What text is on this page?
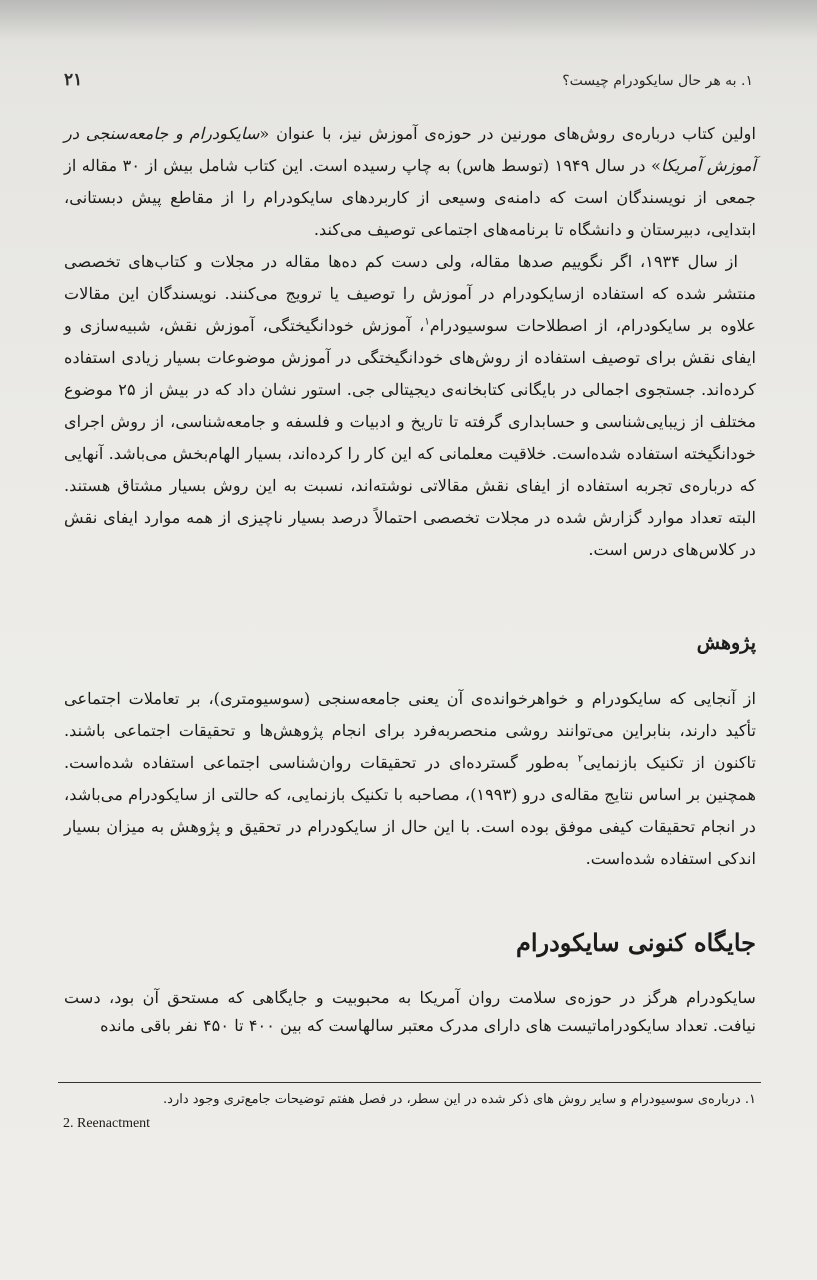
۱. به هر حال سایکودرام چیست؟
۲۱

اولین کتاب درباره‌ی روش‌های مورنین در حوزه‌ی آموزش نیز، با عنوان «سایکودرام و جامعه‌سنجی در آموزش آمریکا» در سال ۱۹۴۹ (توسط هاس) به چاپ رسیده است. این کتاب شامل بیش از ۳۰ مقاله از جمعی از نویسندگان است که دامنه‌ی وسیعی از کاربردهای سایکودرام را از مقاطع پیش دبستانی، ابتدایی، دبیرستان و دانشگاه تا برنامه‌های اجتماعی توصیف می‌کند.

از سال ۱۹۳۴، اگر نگوییم صدها مقاله، ولی دست کم ده‌ها مقاله در مجلات و کتاب‌های تخصصی منتشر شده که استفاده ازسایکودرام در آموزش را توصیف یا ترویج می‌کنند. نویسندگان این مقالات علاوه بر سایکودرام، از اصطلاحات سوسیودرام$^۱$، آموزش خودانگیختگی، آموزش نقش، شبیه‌سازی و ایفای نقش برای توصیف استفاده از روش‌های خودانگیختگی در آموزش موضوعات بسیار زیادی استفاده کرده‌اند. جستجوی اجمالی در بایگانی کتابخانه‌ی دیجیتالی جی. استور نشان داد که در بیش از ۲۵ موضوع مختلف از زیبایی‌شناسی و حسابداری گرفته تا تاریخ و ادبیات و فلسفه و جامعه‌شناسی، از روش اجرای خودانگیخته استفاده شده‌است. خلاقیت معلمانی که این کار را کرده‌اند، بسیار الهام‌بخش می‌باشد. آنهایی که درباره‌ی تجربه استفاده از ایفای نقش مقالاتی نوشته‌اند، نسبت به این روش بسیار مشتاق هستند. البته تعداد موارد گزارش شده در مجلات تخصصی احتمالاً درصد بسیار ناچیزی از همه موارد ایفای نقش در کلاس‌های درس است.

پژوهش

از آنجایی که سایکودرام و خواهرخوانده‌ی آن یعنی جامعه‌سنجی (سوسیومتری)، بر تعاملات اجتماعی تأکید دارند، بنابراین می‌توانند روشی منحصربه‌فرد برای انجام پژوهش‌ها و تحقیقات اجتماعی باشند. تاکنون از تکنیک بازنمایی$^۲$ به‌طور گسترده‌ای در تحقیقات روان‌شناسی اجتماعی استفاده شده‌است. همچنین بر اساس نتایج مقاله‌ی درو (۱۹۹۳)، مصاحبه با تکنیک بازنمایی، که حالتی از سایکودرام می‌باشد، در انجام تحقیقات کیفی موفق بوده است. با این حال از سایکودرام در تحقیق و پژوهش به میزان بسیار اندکی استفاده شده‌است.

جایگاه کنونی سایکودرام

سایکودرام هرگز در حوزه‌ی سلامت روان آمریکا به محبوبیت و جایگاهی که مستحق آن بود، دست نیافت. تعداد سایکودراماتیست های دارای مدرک معتبر سالهاست که بین ۴۰۰ تا ۴۵۰ نفر باقی مانده

۱. درباره‌ی سوسیودرام و سایر روش های ذکر شده در این سطر، در فصل هفتم توضیحات جامع‌تری وجود دارد.

2. Reenactment
